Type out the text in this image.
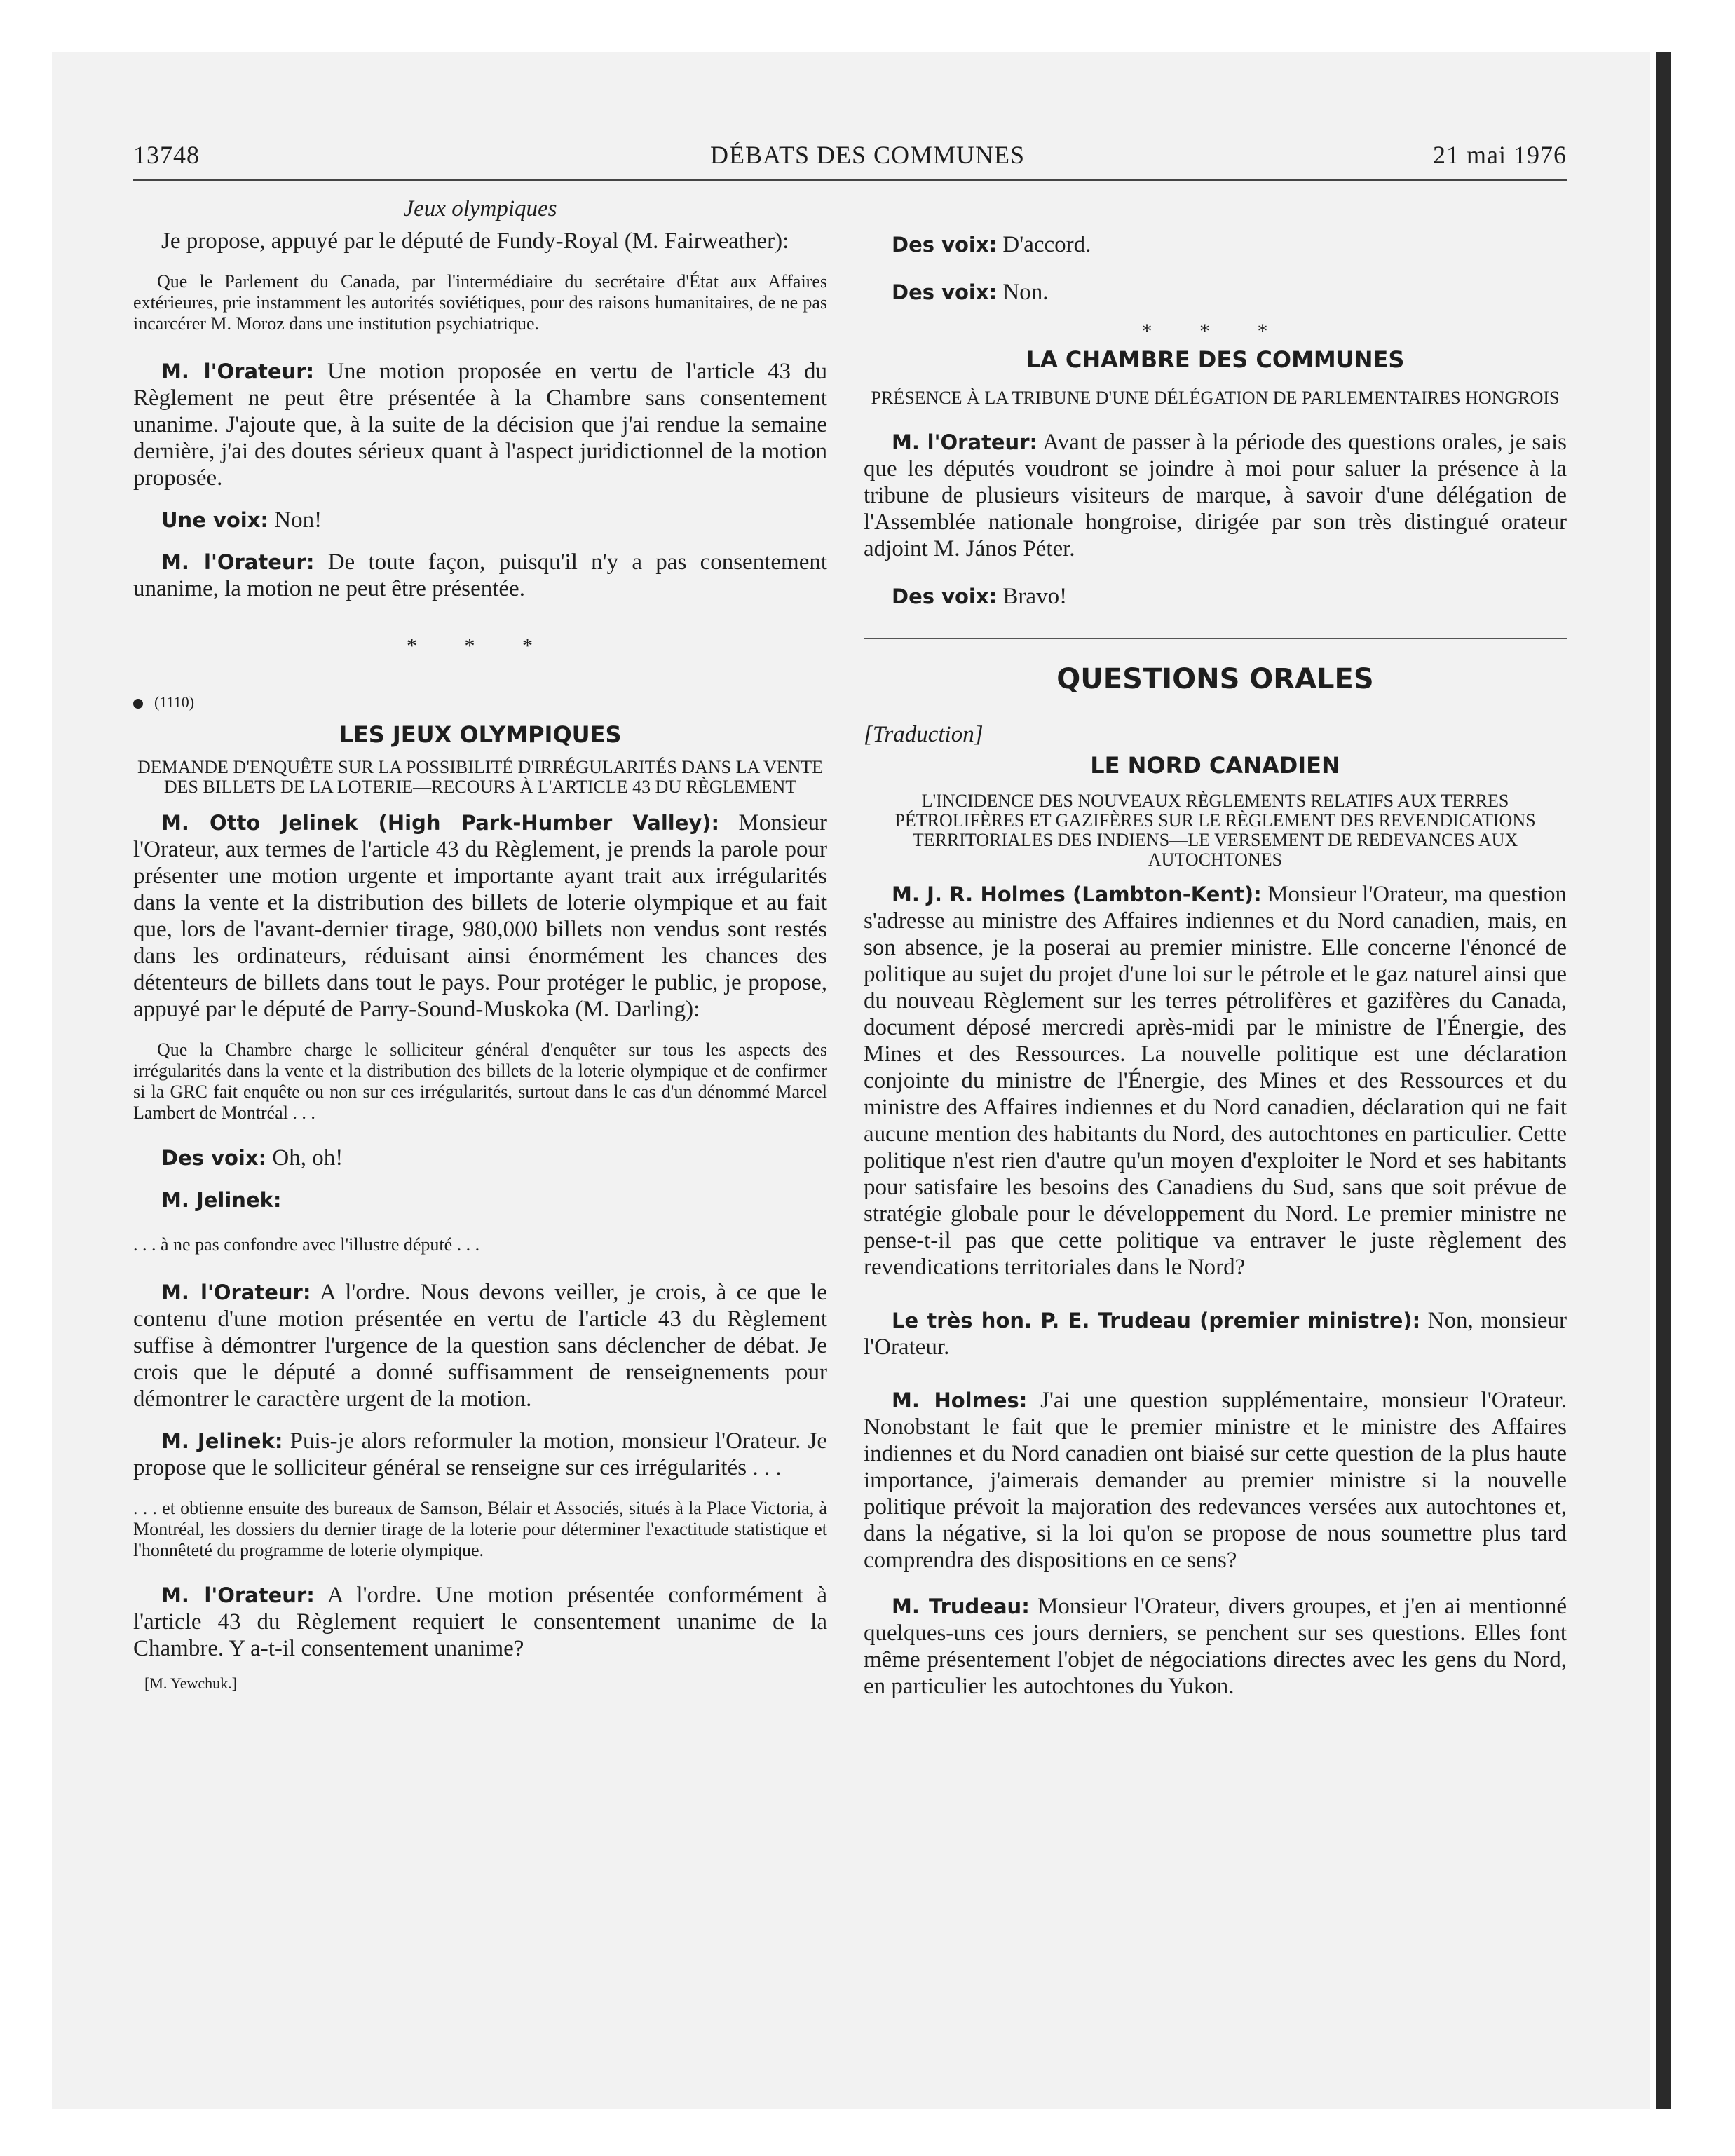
13748	DÉBATS DES COMMUNES	21 mai 1976

Jeux olympiques

Je propose, appuyé par le député de Fundy-Royal (M. Fairweather):

Que le Parlement du Canada, par l'intermédiaire du secrétaire d'État aux Affaires extérieures, prie instamment les autorités soviétiques, pour des raisons humanitaires, de ne pas incarcérer M. Moroz dans une institution psychiatrique.

M. l'Orateur: Une motion proposée en vertu de l'article 43 du Règlement ne peut être présentée à la Chambre sans consentement unanime. J'ajoute que, à la suite de la décision que j'ai rendue la semaine dernière, j'ai des doutes sérieux quant à l'aspect juridictionnel de la motion proposée.

Une voix: Non!

M. l'Orateur: De toute façon, puisqu'il n'y a pas consentement unanime, la motion ne peut être présentée.

* * *

(1110)

LES JEUX OLYMPIQUES

DEMANDE D'ENQUÊTE SUR LA POSSIBILITÉ D'IRRÉGULARITÉS DANS LA VENTE DES BILLETS DE LA LOTERIE—RECOURS À L'ARTICLE 43 DU RÈGLEMENT

M. Otto Jelinek (High Park-Humber Valley): Monsieur l'Orateur, aux termes de l'article 43 du Règlement, je prends la parole pour présenter une motion urgente et importante ayant trait aux irrégularités dans la vente et la distribution des billets de loterie olympique et au fait que, lors de l'avant-dernier tirage, 980,000 billets non vendus sont restés dans les ordinateurs, réduisant ainsi énormément les chances des détenteurs de billets dans tout le pays. Pour protéger le public, je propose, appuyé par le député de Parry-Sound-Muskoka (M. Darling):

Que la Chambre charge le solliciteur général d'enquêter sur tous les aspects des irrégularités dans la vente et la distribution des billets de la loterie olympique et de confirmer si la GRC fait enquête ou non sur ces irrégularités, surtout dans le cas d'un dénommé Marcel Lambert de Montréal . . .

Des voix: Oh, oh!

M. Jelinek:

. . . à ne pas confondre avec l'illustre député . . .

M. l'Orateur: A l'ordre. Nous devons veiller, je crois, à ce que le contenu d'une motion présentée en vertu de l'article 43 du Règlement suffise à démontrer l'urgence de la question sans déclencher de débat. Je crois que le député a donné suffisamment de renseignements pour démontrer le caractère urgent de la motion.

M. Jelinek: Puis-je alors reformuler la motion, monsieur l'Orateur. Je propose que le solliciteur général se renseigne sur ces irrégularités . . .

. . . et obtienne ensuite des bureaux de Samson, Bélair et Associés, situés à la Place Victoria, à Montréal, les dossiers du dernier tirage de la loterie pour déterminer l'exactitude statistique et l'honnêteté du programme de loterie olympique.

M. l'Orateur: A l'ordre. Une motion présentée conformément à l'article 43 du Règlement requiert le consentement unanime de la Chambre. Y a-t-il consentement unanime?

[M. Yewchuk.]

Des voix: D'accord.

Des voix: Non.

* * *

LA CHAMBRE DES COMMUNES

PRÉSENCE À LA TRIBUNE D'UNE DÉLÉGATION DE PARLEMENTAIRES HONGROIS

M. l'Orateur: Avant de passer à la période des questions orales, je sais que les députés voudront se joindre à moi pour saluer la présence à la tribune de plusieurs visiteurs de marque, à savoir d'une délégation de l'Assemblée nationale hongroise, dirigée par son très distingué orateur adjoint M. János Péter.

Des voix: Bravo!

QUESTIONS ORALES

[Traduction]

LE NORD CANADIEN

L'INCIDENCE DES NOUVEAUX RÈGLEMENTS RELATIFS AUX TERRES PÉTROLIFÈRES ET GAZIFÈRES SUR LE RÈGLEMENT DES REVENDICATIONS TERRITORIALES DES INDIENS—LE VERSEMENT DE REDEVANCES AUX AUTOCHTONES

M. J. R. Holmes (Lambton-Kent): Monsieur l'Orateur, ma question s'adresse au ministre des Affaires indiennes et du Nord canadien, mais, en son absence, je la poserai au premier ministre. Elle concerne l'énoncé de politique au sujet du projet d'une loi sur le pétrole et le gaz naturel ainsi que du nouveau Règlement sur les terres pétrolifères et gazifères du Canada, document déposé mercredi après-midi par le ministre de l'Énergie, des Mines et des Ressources. La nouvelle politique est une déclaration conjointe du ministre de l'Énergie, des Mines et des Ressources et du ministre des Affaires indiennes et du Nord canadien, déclaration qui ne fait aucune mention des habitants du Nord, des autochtones en particulier. Cette politique n'est rien d'autre qu'un moyen d'exploiter le Nord et ses habitants pour satisfaire les besoins des Canadiens du Sud, sans que soit prévue de stratégie globale pour le développement du Nord. Le premier ministre ne pense-t-il pas que cette politique va entraver le juste règlement des revendications territoriales dans le Nord?

Le très hon. P. E. Trudeau (premier ministre): Non, monsieur l'Orateur.

M. Holmes: J'ai une question supplémentaire, monsieur l'Orateur. Nonobstant le fait que le premier ministre et le ministre des Affaires indiennes et du Nord canadien ont biaisé sur cette question de la plus haute importance, j'aimerais demander au premier ministre si la nouvelle politique prévoit la majoration des redevances versées aux autochtones et, dans la négative, si la loi qu'on se propose de nous soumettre plus tard comprendra des dispositions en ce sens?

M. Trudeau: Monsieur l'Orateur, divers groupes, et j'en ai mentionné quelques-uns ces jours derniers, se penchent sur ses questions. Elles font même présentement l'objet de négociations directes avec les gens du Nord, en particulier les autochtones du Yukon.
